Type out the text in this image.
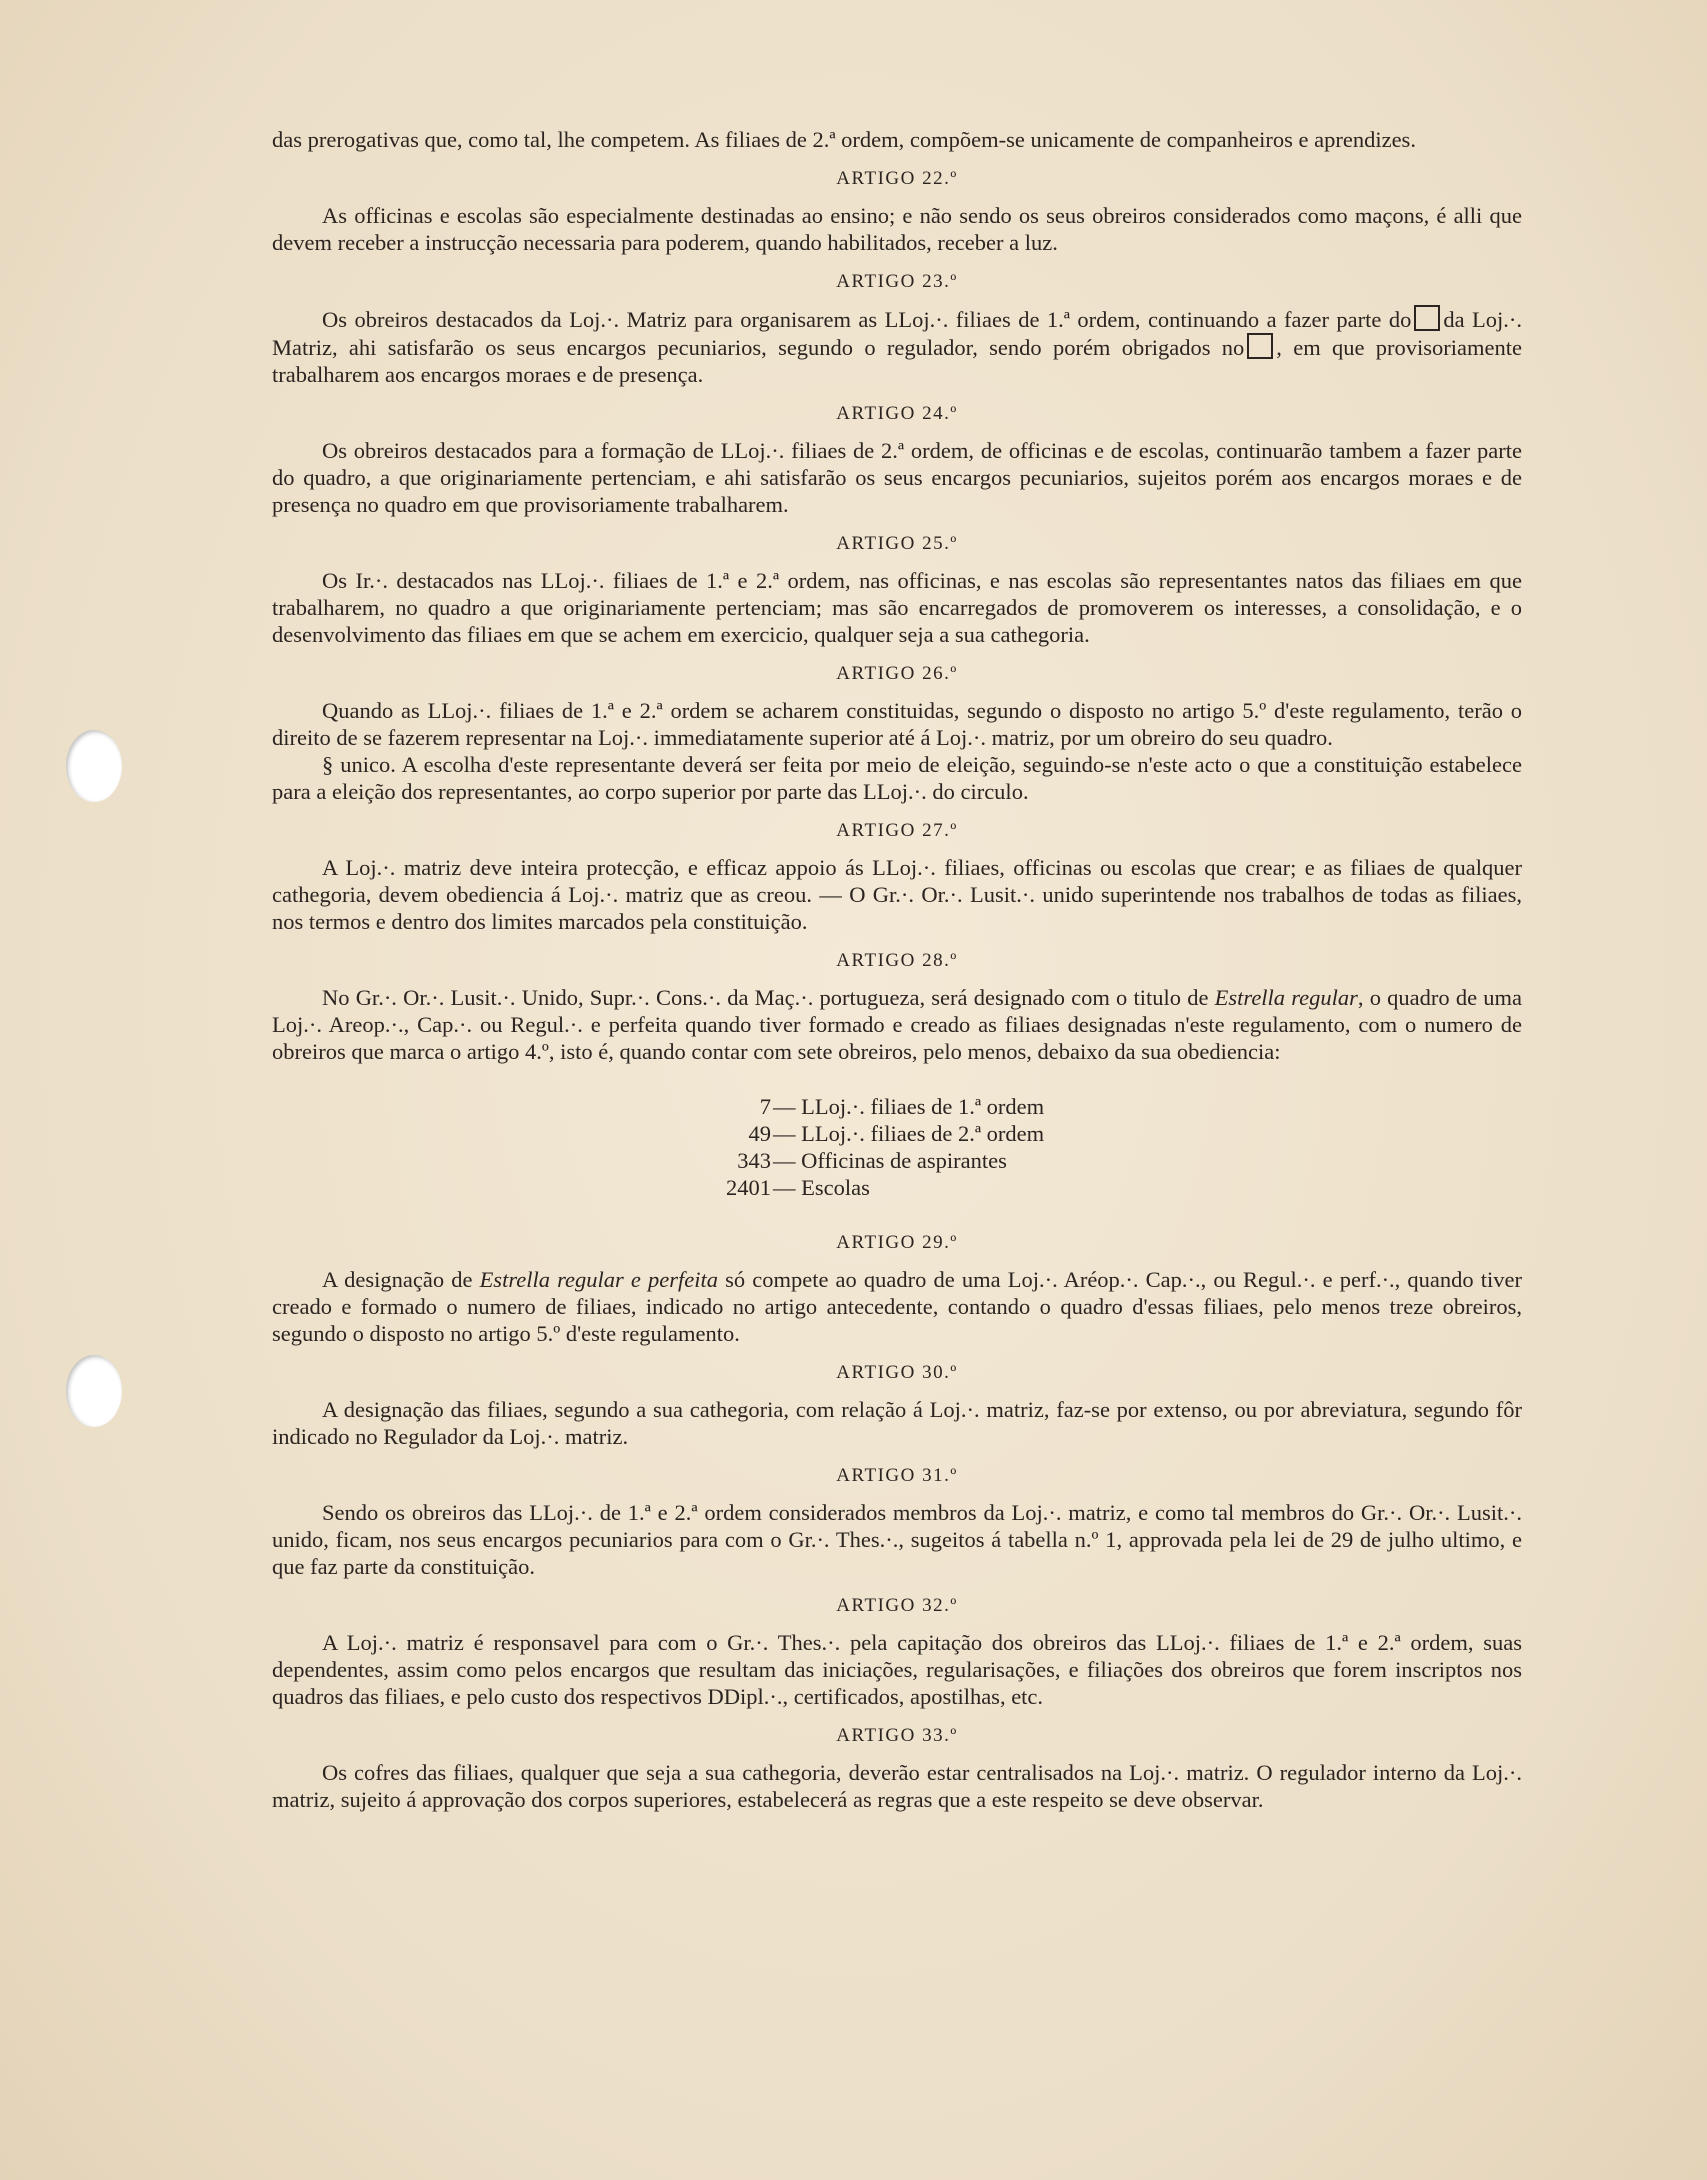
das prerogativas que, como tal, lhe competem. As filiaes de 2.ª ordem, compõem-se unicamente de companheiros e aprendizes.

ARTIGO 22.º

As officinas e escolas são especialmente destinadas ao ensino; e não sendo os seus obreiros considerados como maçons, é alli que devem receber a instrucção necessaria para poderem, quando habilitados, receber a luz.

ARTIGO 23.º

Os obreiros destacados da Loj.·. Matriz para organisarem as LLoj.·. filiaes de 1.ª ordem, continuando a fazer parte do da Loj.·. Matriz, ahi satisfarão os seus encargos pecuniarios, segundo o regulador, sendo porém obrigados no , em que provisoriamente trabalharem aos encargos moraes e de presença.

ARTIGO 24.º

Os obreiros destacados para a formação de LLoj.·. filiaes de 2.ª ordem, de officinas e de escolas, continuarão tambem a fazer parte do quadro, a que originariamente pertenciam, e ahi satisfarão os seus encargos pecuniarios, sujeitos porém aos encargos moraes e de presença no quadro em que provisoriamente trabalharem.

ARTIGO 25.º

Os Ir.·. destacados nas LLoj.·. filiaes de 1.ª e 2.ª ordem, nas officinas, e nas escolas são representantes natos das filiaes em que trabalharem, no quadro a que originariamente pertenciam; mas são encarregados de promoverem os interesses, a consolidação, e o desenvolvimento das filiaes em que se achem em exercicio, qualquer seja a sua cathegoria.

ARTIGO 26.º

Quando as LLoj.·. filiaes de 1.ª e 2.ª ordem se acharem constituidas, segundo o disposto no artigo 5.º d'este regulamento, terão o direito de se fazerem representar na Loj.·. immediatamente superior até á Loj.·. matriz, por um obreiro do seu quadro.

§ unico. A escolha d'este representante deverá ser feita por meio de eleição, seguindo-se n'este acto o que a constituição estabelece para a eleição dos representantes, ao corpo superior por parte das LLoj.·. do circulo.

ARTIGO 27.º

A Loj.·. matriz deve inteira protecção, e efficaz appoio ás LLoj.·. filiaes, officinas ou escolas que crear; e as filiaes de qualquer cathegoria, devem obediencia á Loj.·. matriz que as creou. — O Gr.·. Or.·. Lusit.·. unido superintende nos trabalhos de todas as filiaes, nos termos e dentro dos limites marcados pela constituição.

ARTIGO 28.º

No Gr.·. Or.·. Lusit.·. Unido, Supr.·. Cons.·. da Maç.·. portugueza, será designado com o titulo de Estrella regular, o quadro de uma Loj.·. Areop.·., Cap.·. ou Regul.·. e perfeita quando tiver formado e creado as filiaes designadas n'este regulamento, com o numero de obreiros que marca o artigo 4.º, isto é, quando contar com sete obreiros, pelo menos, debaixo da sua obediencia:

7 — LLoj.·. filiaes de 1.ª ordem
49 — LLoj.·. filiaes de 2.ª ordem
343 — Officinas de aspirantes
2401 — Escolas
ARTIGO 29.º

A designação de Estrella regular e perfeita só compete ao quadro de uma Loj.·. Aréop.·. Cap.·., ou Regul.·. e perf.·., quando tiver creado e formado o numero de filiaes, indicado no artigo antecedente, contando o quadro d'essas filiaes, pelo menos treze obreiros, segundo o disposto no artigo 5.º d'este regulamento.

ARTIGO 30.º

A designação das filiaes, segundo a sua cathegoria, com relação á Loj.·. matriz, faz-se por extenso, ou por abreviatura, segundo fôr indicado no Regulador da Loj.·. matriz.

ARTIGO 31.º

Sendo os obreiros das LLoj.·. de 1.ª e 2.ª ordem considerados membros da Loj.·. matriz, e como tal membros do Gr.·. Or.·. Lusit.·. unido, ficam, nos seus encargos pecuniarios para com o Gr.·. Thes.·., sugeitos á tabella n.º 1, approvada pela lei de 29 de julho ultimo, e que faz parte da constituição.

ARTIGO 32.º

A Loj.·. matriz é responsavel para com o Gr.·. Thes.·. pela capitação dos obreiros das LLoj.·. filiaes de 1.ª e 2.ª ordem, suas dependentes, assim como pelos encargos que resultam das iniciações, regularisações, e filiações dos obreiros que forem inscriptos nos quadros das filiaes, e pelo custo dos respectivos DDipl.·., certificados, apostilhas, etc.

ARTIGO 33.º

Os cofres das filiaes, qualquer que seja a sua cathegoria, deverão estar centralisados na Loj.·. matriz. O regulador interno da Loj.·. matriz, sujeito á approvação dos corpos superiores, estabelecerá as regras que a este respeito se deve observar.
